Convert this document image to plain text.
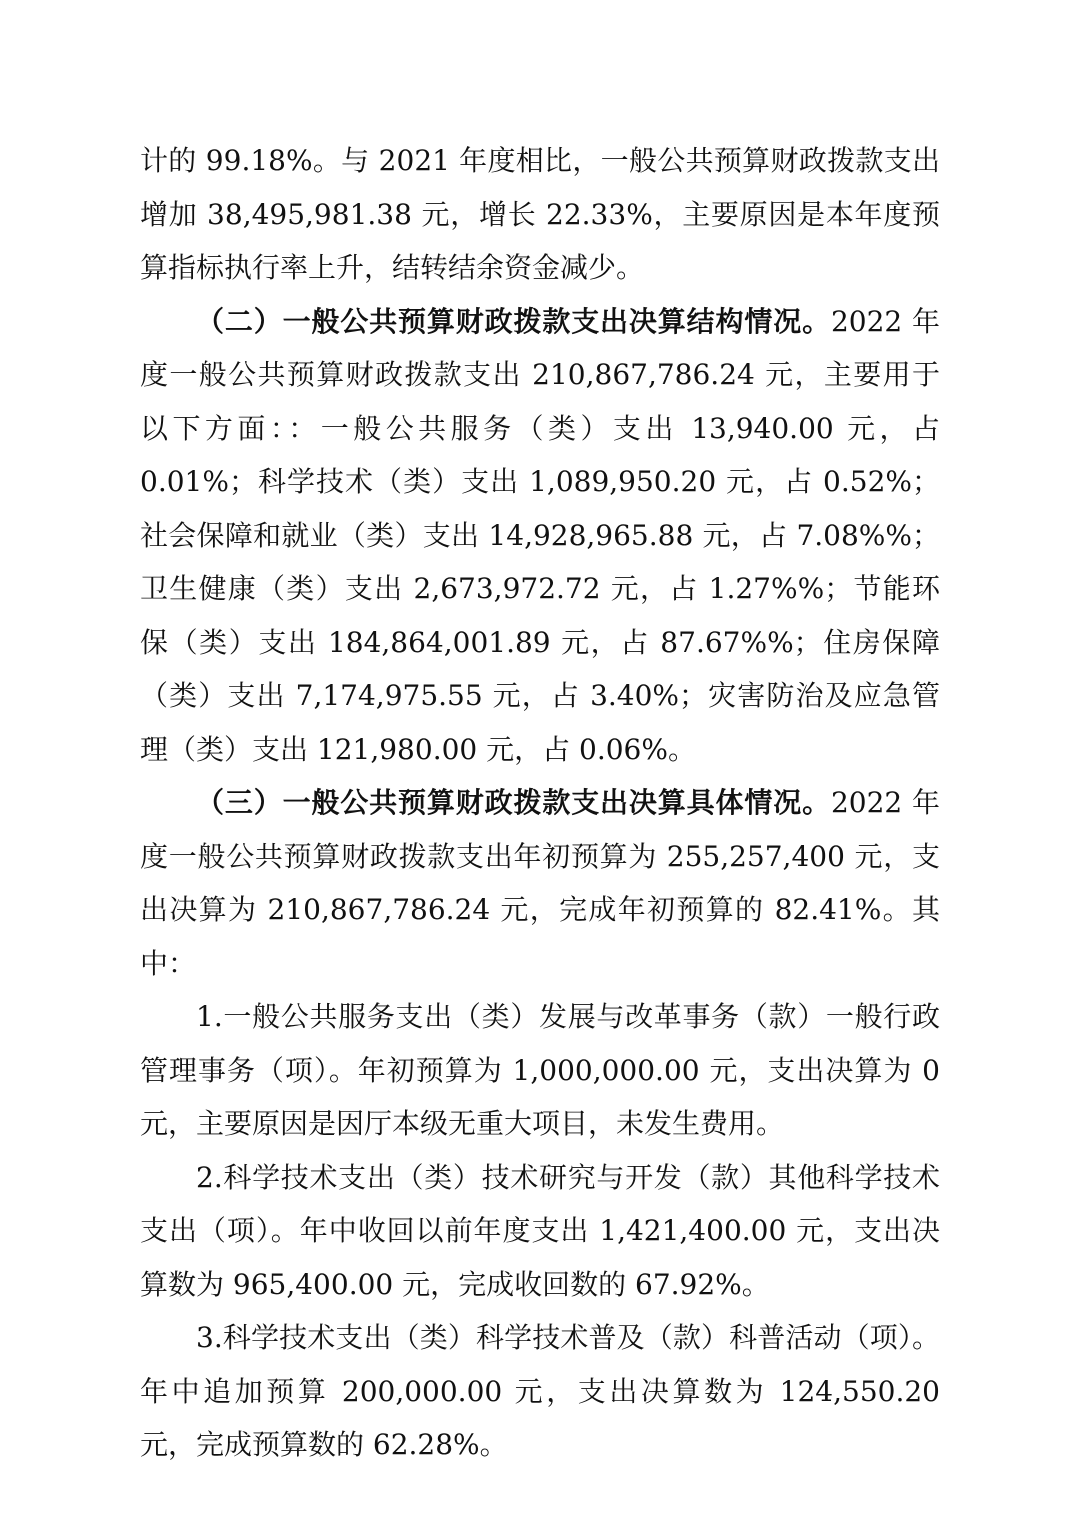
计的 99.18%。与 2021 年度相比，一般公共预算财政拨款支出增加 38,495,981.38 元，增长 22.33%，主要原因是本年度预算指标执行率上升，结转结余资金减少。

（二）一般公共预算财政拨款支出决算结构情况。2022 年度一般公共预算财政拨款支出 210,867,786.24 元，主要用于以下方面：：一般公共服务（类）支出 13,940.00 元，占 0.01%；科学技术（类）支出 1,089,950.20 元，占 0.52%；社会保障和就业（类）支出 14,928,965.88 元，占 7.08%%；卫生健康（类）支出 2,673,972.72 元，占 1.27%%；节能环保（类）支出 184,864,001.89 元，占 87.67%%；住房保障（类）支出 7,174,975.55 元，占 3.40%；灾害防治及应急管理（类）支出 121,980.00 元，占 0.06%。

（三）一般公共预算财政拨款支出决算具体情况。2022 年度一般公共预算财政拨款支出年初预算为 255,257,400 元，支出决算为 210,867,786.24 元，完成年初预算的 82.41%。其中：

1.一般公共服务支出（类）发展与改革事务（款）一般行政管理事务（项）。年初预算为 1,000,000.00 元，支出决算为 0 元，主要原因是因厅本级无重大项目，未发生费用。

2.科学技术支出（类）技术研究与开发（款）其他科学技术支出（项）。年中收回以前年度支出 1,421,400.00 元，支出决算数为 965,400.00 元，完成收回数的 67.92%。

3.科学技术支出（类）科学技术普及（款）科普活动（项）。年中追加预算 200,000.00 元，支出决算数为 124,550.20 元，完成预算数的 62.28%。
